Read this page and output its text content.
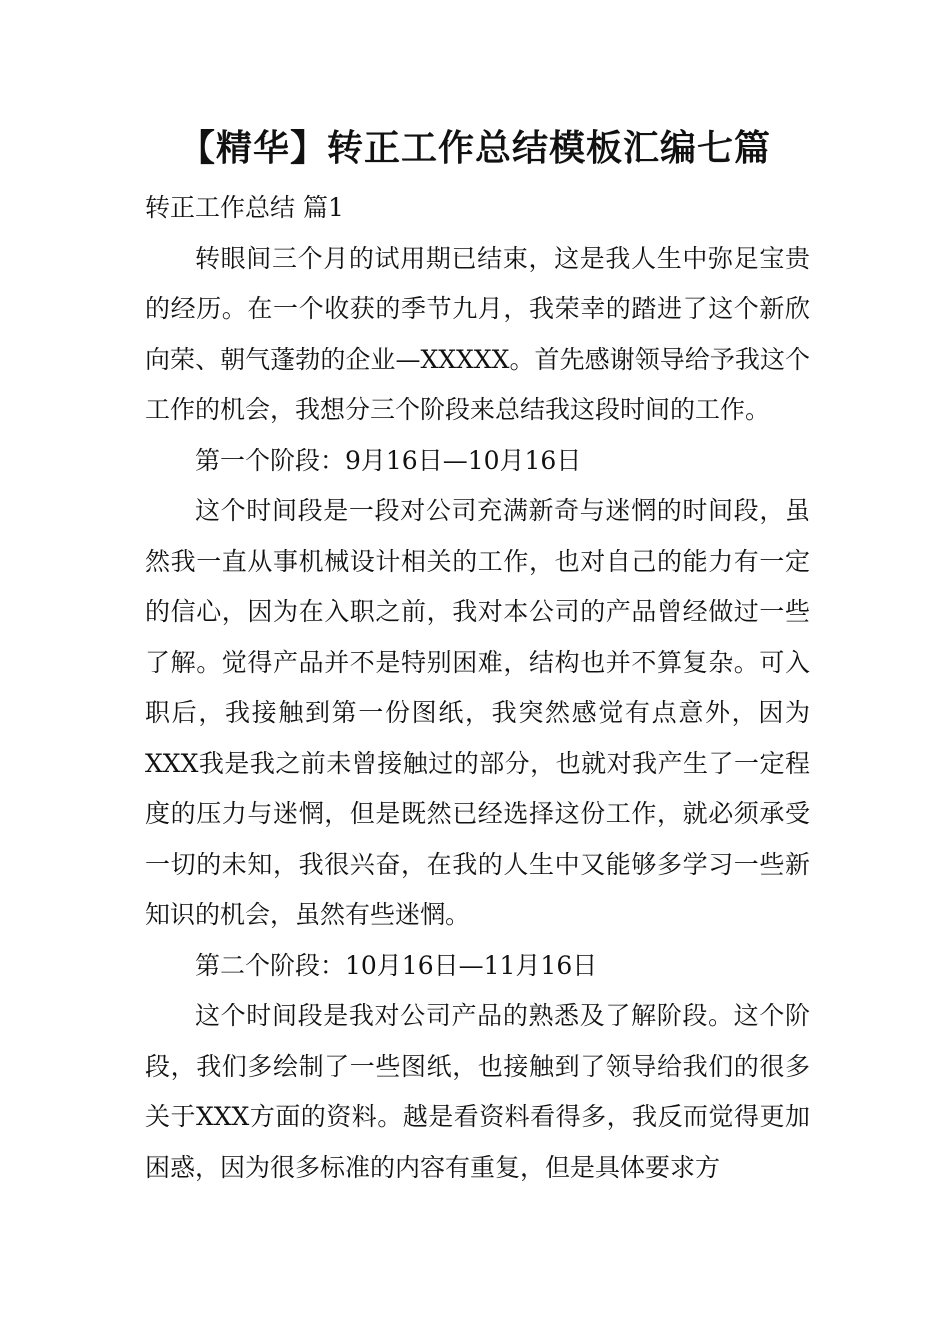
【精华】转正工作总结模板汇编七篇

转正工作总结 篇1

转眼间三个月的试用期已结束，这是我人生中弥足宝贵的经历。在一个收获的季节九月，我荣幸的踏进了这个新欣向荣、朝气蓬勃的企业—XXXXX。首先感谢领导给予我这个工作的机会，我想分三个阶段来总结我这段时间的工作。

第一个阶段：9月16日—10月16日

这个时间段是一段对公司充满新奇与迷惘的时间段，虽然我一直从事机械设计相关的工作，也对自己的能力有一定的信心，因为在入职之前，我对本公司的产品曾经做过一些了解。觉得产品并不是特别困难，结构也并不算复杂。可入职后，我接触到第一份图纸，我突然感觉有点意外，因为XXX我是我之前未曾接触过的部分，也就对我产生了一定程度的压力与迷惘，但是既然已经选择这份工作，就必须承受一切的未知，我很兴奋，在我的人生中又能够多学习一些新知识的机会，虽然有些迷惘。

第二个阶段：10月16日—11月16日

这个时间段是我对公司产品的熟悉及了解阶段。这个阶段，我们多绘制了一些图纸，也接触到了领导给我们的很多关于XXX方面的资料。越是看资料看得多，我反而觉得更加困惑，因为很多标准的内容有重复，但是具体要求方
